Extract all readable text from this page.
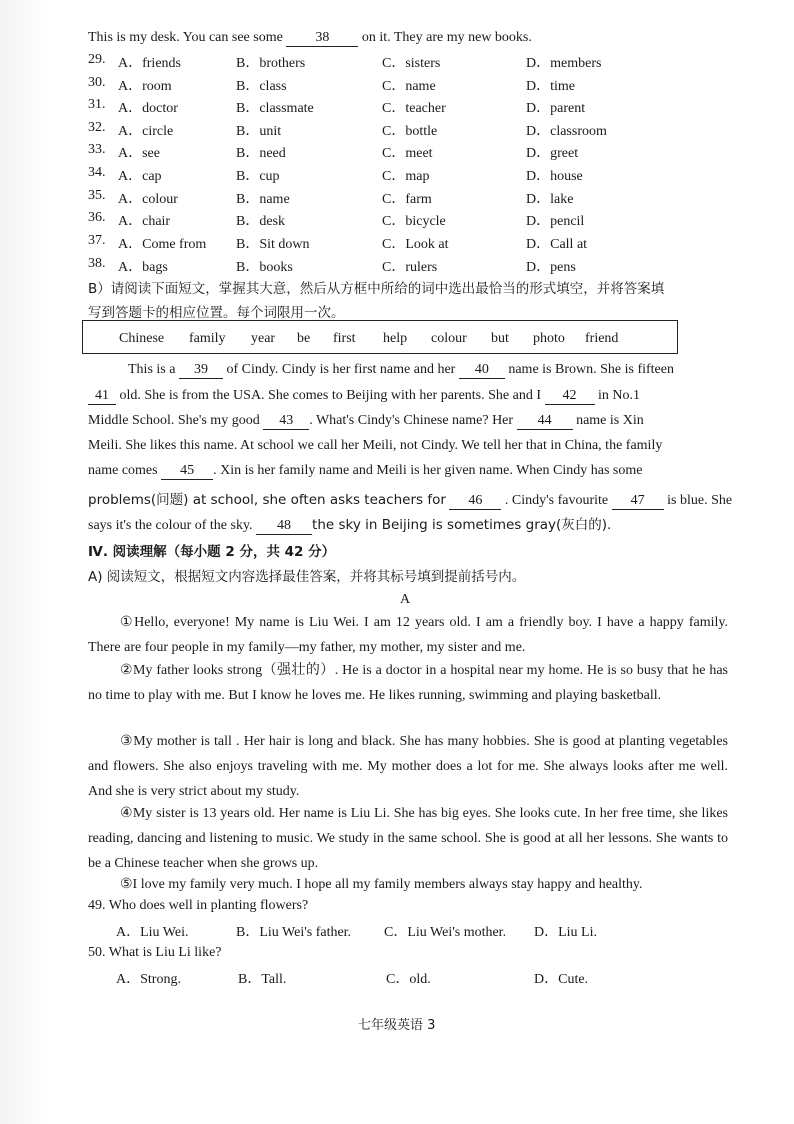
This is my desk. You can see some 38 on it. They are my new books.
29. A．friends	B．brothers	C．sisters	D．members
30. A．room	B．class	C．name	D．time
31. A．doctor	B．classmate	C．teacher	D．parent
32. A．circle	B．unit	C．bottle	D．classroom
33. A．see	B．need	C．meet	D．greet
34. A．cap	B．cup	C．map	D．house
35. A．colour	B．name	C．farm	D．lake
36. A．chair	B．desk	C．bicycle	D．pencil
37. A．Come from B．Sit down	C．Look at	D．Call at
38. A．bags	B．books	C．rulers	D．pens
B）请阅读下面短文，掌握其大意，然后从方框中所给的词中选出最恰当的形式填空，并将答案填
写到答题卡的相应位置。每个词限用一次。
Chinese family year be first help colour but photo friend
This is a 39 of Cindy. Cindy is her first name and her 40 name is Brown. She is fifteen
41 old. She is from the USA. She comes to Beijing with her parents. She and I 42 in No.1
Middle School. She's my good 43 . What's Cindy's Chinese name? Her 44 name is Xin
Meili. She likes this name. At school we call her Meili, not Cindy. We tell her that in China, the family
name comes 45 . Xin is her family name and Meili is her given name. When Cindy has some
problems(问题) at school, she often asks teachers for 46 . Cindy's favourite 47 is blue. She
says it's the colour of the sky. 48 the sky in Beijing is sometimes gray(灰白的).
Ⅳ. 阅读理解（每小题 2 分，共 42 分）
A) 阅读短文，根据短文内容选择最佳答案，并将其标号填到提前括号内。
A
①Hello, everyone! My name is Liu Wei. I am 12 years old. I am a friendly boy. I have a happy family. There are four people in my family—my father, my mother, my sister and me.
②My father looks strong（强壮的）. He is a doctor in a hospital near my home. He is so busy that he has no time to play with me. But I know he loves me. He likes running, swimming and playing basketball.
③My mother is tall . Her hair is long and black. She has many hobbies. She is good at planting vegetables and flowers. She also enjoys traveling with me. My mother does a lot for me. She always looks after me well. And she is very strict about my study.
④My sister is 13 years old. Her name is Liu Li. She has big eyes. She looks cute. In her free time, she likes reading, dancing and listening to music. We study in the same school. She is good at all her lessons. She wants to be a Chinese teacher when she grows up.
⑤I love my family very much. I hope all my family members always stay happy and healthy.
49. Who does well in planting flowers?
A．Liu Wei.	B．Liu Wei's father. C．Liu Wei's mother. D．Liu Li.
50. What is Liu Li like?
A．Strong.	B．Tall.	C．old.	D．Cute.
七年级英语 3
